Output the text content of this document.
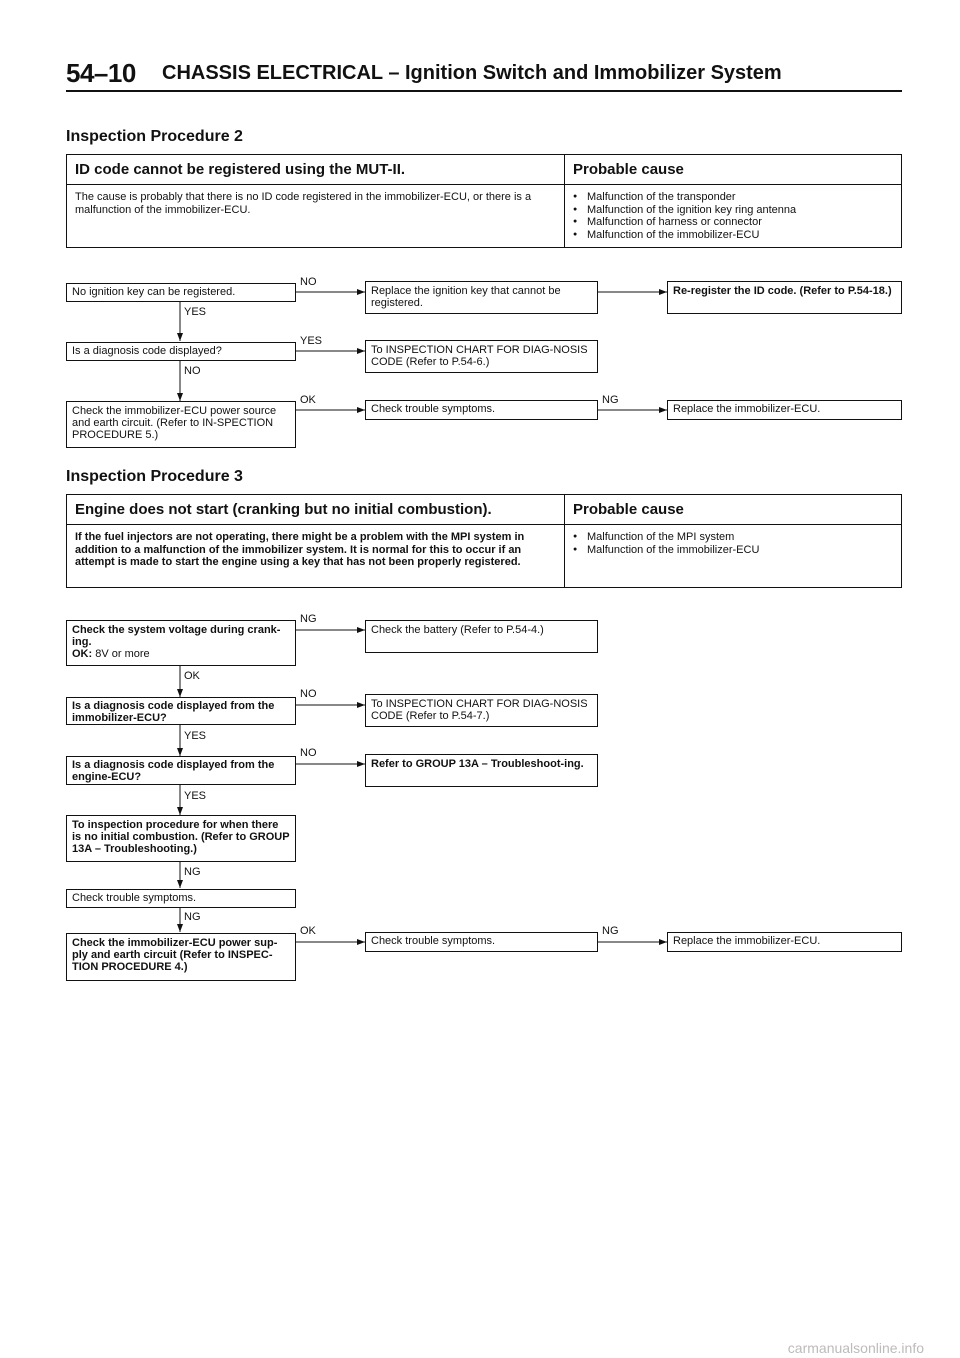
54–10 CHASSIS ELECTRICAL – Ignition Switch and Immobilizer System
Inspection Procedure 2
ID code cannot be registered using the MUT-II.	Probable cause
The cause is probably that there is no ID code registered in the immobilizer-ECU, or there is a malfunction of the immobilizer-ECU.
● Malfunction of the transponder
● Malfunction of the ignition key ring antenna
● Malfunction of harness or connector
● Malfunction of the immobilizer-ECU
No ignition key can be registered.
NO
Replace the ignition key that cannot be registered.
Re-register the ID code. (Refer to P.54-18.)
YES
Is a diagnosis code displayed?
YES
To INSPECTION CHART FOR DIAG-NOSIS CODE (Refer to P.54-6.)
NO
Check the immobilizer-ECU power source and earth circuit. (Refer to IN-SPECTION PROCEDURE 5.)
OK
Check trouble symptoms.
NG
Replace the immobilizer-ECU.
Inspection Procedure 3
Engine does not start (cranking but no initial combustion).	Probable cause
If the fuel injectors are not operating, there might be a problem with the MPI system in addition to a malfunction of the immobilizer system. It is normal for this to occur if an attempt is made to start the engine using a key that has not been properly registered.
● Malfunction of the MPI system
● Malfunction of the immobilizer-ECU
Check the system voltage during crank-ing.
OK: 8V or more
NG
Check the battery (Refer to P.54-4.)
OK
Is a diagnosis code displayed from the immobilizer-ECU?
NO
To INSPECTION CHART FOR DIAG-NOSIS CODE (Refer to P.54-7.)
YES
Is a diagnosis code displayed from the engine-ECU?
NO
Refer to GROUP 13A – Troubleshoot-ing.
YES
To inspection procedure for when there is no initial combustion. (Refer to GROUP 13A – Troubleshooting.)
NG
Check trouble symptoms.
NG
Check the immobilizer-ECU power sup-ply and earth circuit (Refer to INSPEC-TION PROCEDURE 4.)
OK
Check trouble symptoms.
NG
Replace the immobilizer-ECU.
carmanualsonline.info
